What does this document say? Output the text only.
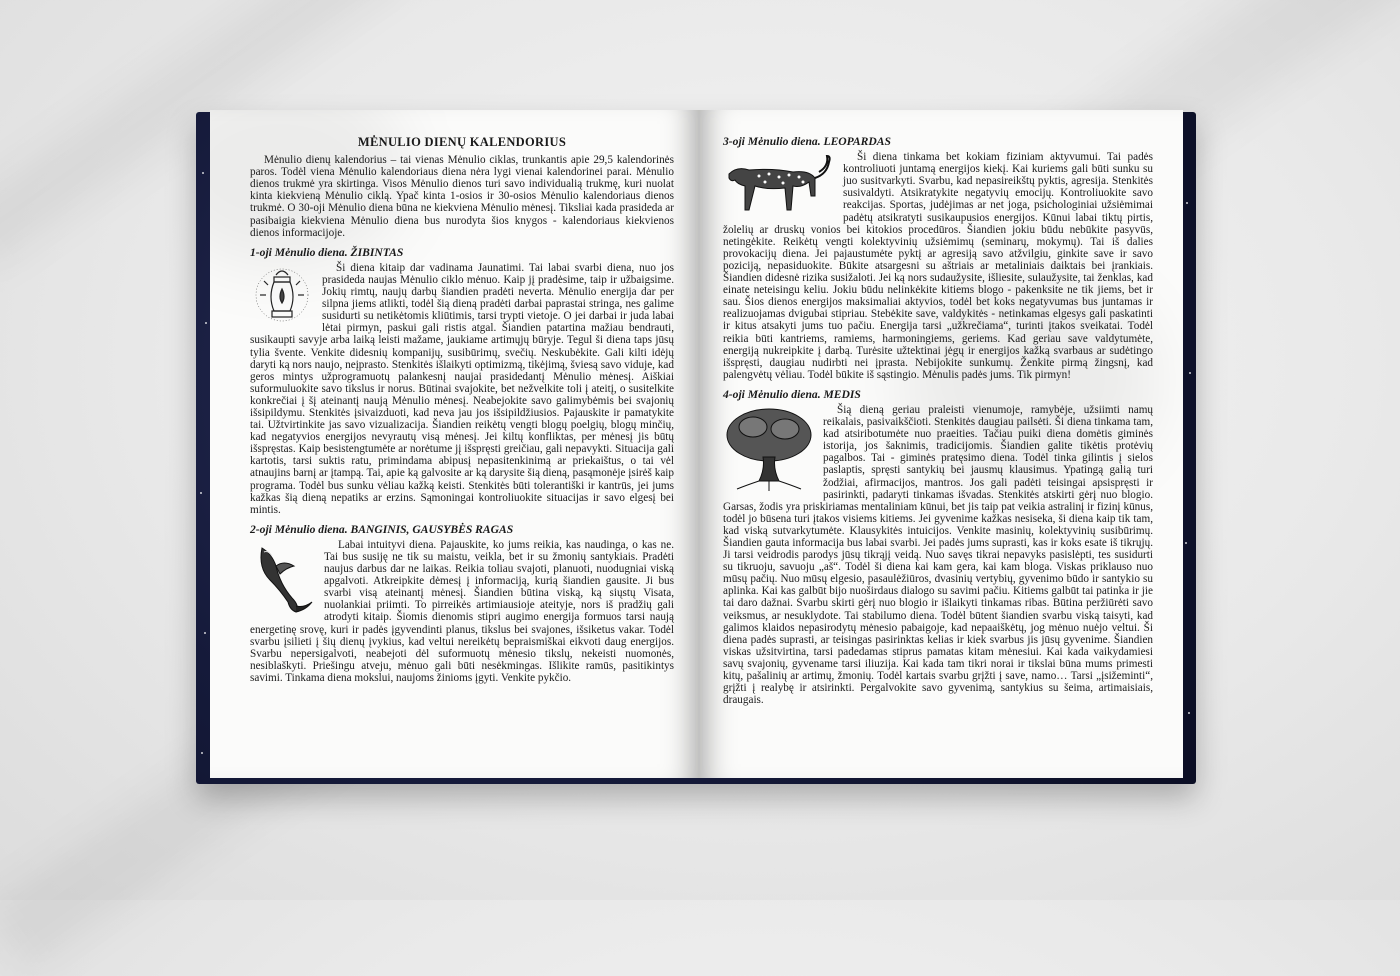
MĖNULIO DIENŲ KALENDORIUS

Mėnulio dienų kalendorius – tai vienas Mėnulio ciklas, trunkantis apie 29,5 kalendorinės paros. Todėl viena Mėnulio kalendoriaus diena nėra lygi vienai kalendorinei parai. Mėnulio dienos trukmė yra skirtinga. Visos Mėnulio dienos turi savo individualią trukmę, kuri nuolat kinta kiekvieną Mėnulio ciklą. Ypač kinta 1-osios ir 30-osios Mėnulio kalendoriaus dienos trukmė. O 30-oji Mėnulio diena būna ne kiekviena Mėnulio mėnesį. Tiksliai kada prasideda ar pasibaigia kiekviena Mėnulio diena bus nurodyta šios knygos - kalendoriaus kiekvienos dienos informacijoje.

1-oji Mėnulio diena. ŽIBINTAS

Ši diena kitaip dar vadinama Jaunatimi. Tai labai svarbi diena, nuo jos prasideda naujas Mėnulio ciklo mėnuo. Kaip jį pradėsime, taip ir užbaigsime. Jokių rimtų, naujų darbų šiandien pradėti neverta. Mėnulio energija dar per silpna jiems atlikti, todėl šią dieną pradėti darbai paprastai stringa, nes galime susidurti su netikėtomis kliūtimis, tarsi trypti vietoje. O jei darbai ir juda labai lėtai pirmyn, paskui gali ristis atgal. Šiandien patartina mažiau bendrauti, susikaupti savyje arba laiką leisti mažame, jaukiame artimųjų būryje. Tegul ši diena taps jūsų tylia švente. Venkite didesnių kompanijų, susibūrimų, svečių. Neskubėkite. Gali kilti idėjų daryti ką nors naujo, neįprasto. Stenkitės išlaikyti optimizmą, tikėjimą, šviesą savo viduje, kad geros mintys užprogramuotų palankesnį naujai prasidedantį Mėnulio mėnesį. Aiškiai suformuluokite savo tikslus ir norus. Būtinai svajokite, bet nežvelkite toli į ateitį, o susitelkite konkrečiai į šį ateinantį naują Mėnulio mėnesį. Neabejokite savo galimybėmis bei svajonių išsipildymu. Stenkitės įsivaizduoti, kad neva jau jos išsipildžiusios. Pajauskite ir pamatykite tai. Užtvirtinkite jas savo vizualizacija. Šiandien reikėtų vengti blogų poelgių, blogų minčių, kad negatyvios energijos nevyrautų visą mėnesį. Jei kiltų konfliktas, per mėnesį jis būtų išspręstas. Kaip besistengtumėte ar norėtume jį išspręsti greičiau, gali nepavykti. Situacija gali kartotis, tarsi suktis ratu, primindama abipusį nepasitenkinimą ar priekaištus, o tai vėl atnaujins barnį ar įtampą. Tai, apie ką galvosite ar ką darysite šią dieną, pasąmonėje įsirėš kaip programa. Todėl bus sunku vėliau kažką keisti. Stenkitės būti tolerantiški ir kantrūs, jei jums kažkas šią dieną nepatiks ar erzins. Sąmoningai kontroliuokite situacijas ir savo elgesį bei mintis.

2-oji Mėnulio diena. BANGINIS, GAUSYBĖS RAGAS

Labai intuityvi diena. Pajauskite, ko jums reikia, kas naudinga, o kas ne. Tai bus susiję ne tik su maistu, veikla, bet ir su žmonių santykiais. Pradėti naujus darbus dar ne laikas. Reikia toliau svajoti, planuoti, nuodugniai viską apgalvoti. Atkreipkite dėmesį į informaciją, kurią šiandien gausite. Ji bus svarbi visą ateinantį mėnesį. Šiandien būtina viską, ką siųstų Visata, nuolankiai priimti. To pirreikės artimiausioje ateityje, nors iš pradžių gali atrodyti kitaip. Šiomis dienomis stipri augimo energija formuos tarsi naują energetinę srovę, kuri ir padės įgyvendinti planus, tikslus bei svajones, išsiketus vakar. Todėl svarbu įsilieti į šių dienų įvykius, kad veltui nereikėtų bepraismiškai eikvoti daug energijos. Svarbu nepersigalvoti, neabejoti dėl suformuotų mėnesio tikslų, nekeisti nuomonės, nesiblaškyti. Priešingu atveju, mėnuo gali būti nesėkmingas. Išlikite ramūs, pasitikintys savimi. Tinkama diena mokslui, naujoms žinioms įgyti. Venkite pykčio.

3-oji Mėnulio diena. LEOPARDAS

Ši diena tinkama bet kokiam fiziniam aktyvumui. Tai padės kontroliuoti juntamą energijos kiekį. Kai kuriems gali būti sunku su juo susitvarkyti. Svarbu, kad nepasireikštų pyktis, agresija. Stenkitės susivaldyti. Atsikratykite negatyvių emocijų. Kontroliuokite savo reakcijas. Sportas, judėjimas ar net joga, psichologiniai užsiėmimai padėtų atsikratyti susikaupusios energijos. Kūnui labai tiktų pirtis, žolelių ar druskų vonios bei kitokios procedūros. Šiandien jokiu būdu nebūkite pasyvūs, netingėkite. Reikėtų vengti kolektyvinių užsiėmimų (seminarų, mokymų). Tai iš dalies provokacijų diena. Jei pajaustumėte pyktį ar agresiją savo atžvilgiu, ginkite save ir savo poziciją, nepasiduokite. Būkite atsargesni su aštriais ar metaliniais daiktais bei įrankiais. Šiandien didesnė rizika susižaloti. Jei ką nors sudaužysite, išliesite, sulaužysite, tai ženklas, kad einate neteisingu keliu. Jokiu būdu nelinkėkite kitiems blogo - pakenksite ne tik jiems, bet ir sau. Šios dienos energijos maksimaliai aktyvios, todėl bet koks negatyvumas bus juntamas ir realizuojamas dvigubai stipriau. Stebėkite save, valdykitės - netinkamas elgesys gali paskatinti ir kitus atsakyti jums tuo pačiu. Energija tarsi „užkrečiama“, turinti įtakos sveikatai. Todėl reikia būti kantriems, ramiems, harmoningiems, geriems. Kad geriau save valdytumėte, energiją nukreipkite į darbą. Turėsite užtektinai jėgų ir energijos kažką svarbaus ar sudėtingo išspręsti, daugiau nudirbti nei įprasta. Nebijokite sunkumų. Ženkite pirmą žingsnį, kad palengvėtų vėliau. Todėl būkite iš sąstingio. Mėnulis padės jums. Tik pirmyn!

4-oji Mėnulio diena. MEDIS

Šią dieną geriau praleisti vienumoje, ramybėje, užsiimti namų reikalais, pasivaikščioti. Stenkitės daugiau pailsėti. Ši diena tinkama tam, kad atsiribotumėte nuo praeities. Tačiau puiki diena domėtis giminės istorija, jos šaknimis, tradicijomis. Šiandien galite tikėtis protėvių pagalbos. Tai - giminės pratęsimo diena. Todėl tinka gilintis į sielos paslaptis, spręsti santykių bei jausmų klausimus. Ypatingą galią turi žodžiai, afirmacijos, mantros. Jos gali padėti teisingai apsispręsti ir pasirinkti, padaryti tinkamas išvadas. Stenkitės atskirti gėrį nuo blogio. Garsas, žodis yra priskiriamas mentaliniam kūnui, bet jis taip pat veikia astralinį ir fizinį kūnus, todėl jo būsena turi įtakos visiems kitiems. Jei gyvenime kažkas nesiseka, ši diena kaip tik tam, kad viską sutvarkytumėte. Klausykitės intuicijos. Venkite masinių, kolektyvinių susibūrimų. Šiandien gauta informacija bus labai svarbi. Jei padės jums suprasti, kas ir koks esate iš tikrųjų. Ji tarsi veidrodis parodys jūsų tikrąjį veidą. Nuo savęs tikrai nepavyks pasislėpti, tes susidurti su tikruoju, savuoju „aš“. Todėl ši diena kai kam gera, kai kam bloga. Viskas priklauso nuo mūsų pačių. Nuo mūsų elgesio, pasaulėžiūros, dvasinių vertybių, gyvenimo būdo ir santykio su aplinka. Kai kas galbūt bijo nuoširdaus dialogo su savimi pačiu. Kitiems galbūt tai patinka ir jie tai daro dažnai. Svarbu skirti gėrį nuo blogio ir išlaikyti tinkamas ribas. Būtina peržiūrėti savo veiksmus, ar nesuklydote. Tai stabilumo diena. Todėl būtent šiandien svarbu viską taisyti, kad galimos klaidos nepasirodytų mėnesio pabaigoje, kad nepaaiškėtų, jog mėnuo nuėjo veltui. Ši diena padės suprasti, ar teisingas pasirinktas kelias ir kiek svarbus jis jūsų gyvenime. Šiandien viskas užsitvirtina, tarsi padedamas stiprus pamatas kitam mėnesiui. Kai kada vaikydamiesi savų svajonių, gyvename tarsi iliuzija. Kai kada tam tikri norai ir tikslai būna mums primesti kitų, pašalinių ar artimų, žmonių. Todėl kartais svarbu grįžti į save, namo… Tarsi „įsižeminti“, grįžti į realybę ir atsirinkti. Pergalvokite savo gyvenimą, santykius su šeima, artimaisiais, draugais.
